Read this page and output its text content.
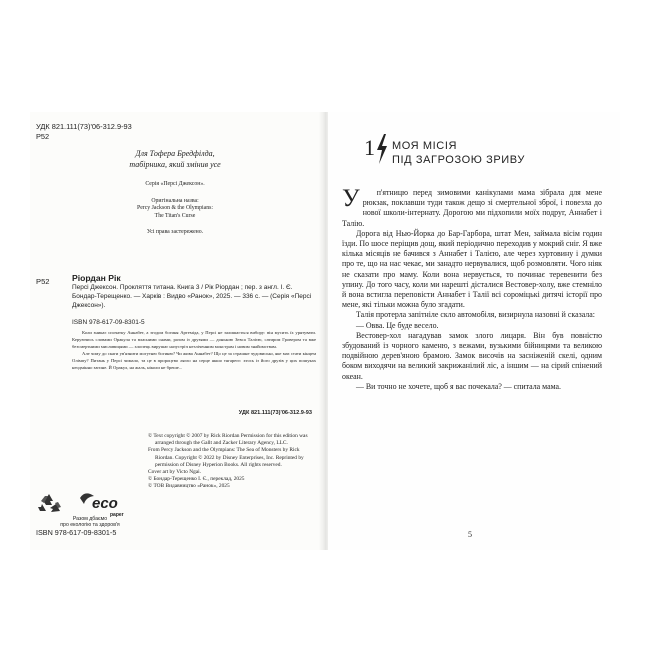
УДК 821.111(73)'06-312.9-93
Р52
Для Тофера Бредфілда,
табірника, який змінив усе
Серія «Персі Джексон».
Оригінальна назва:
Percy Jackson & the Olympians:
The Titan's Curse
Усі права застережено.
Р52	Ріордан Рік
Персі Джексон. Прокляття титана. Книга 3 / Рік Ріордан ; пер. з англ. І. Є. Бондар-Терещенко. — Харків : Видво «Ранок», 2025. — 336 с. — (Серія «Персі Джексон»).
ISBN 978-617-09-8301-5

Коли зникає спочатку Аннабет, а згодом богиня Артеміда, у Персі не залишається вибору: він мусить їх урятувати. Керуючись словами Оракула та власними снами, разом із друзями — донькою Зевса Талією, сатиром Гровером та вже безсмертними мисливицями — хлопець вирушає назустріч незліченним монстрам і новим знайомствам.

Але чому до скаги ув'язнити могутню богиню? Чи жива Аннабет? Що це за страшне чудовисько, яке має стати кінцем Олімпу? Питань у Персі чимало, та це в пророцтво лягло на серце якшо тягареєє: хтось із його друзів у цих пошуках неодмінно загине. Й Оракул, на жаль, ніколи не бреше...

УДК 821.111(73)'06-312.9-93
© Text copyright © 2007 by Rick Riordan Permission for this edition was arranged through the Gallt and Zacker Literary Agency, LLC.
From Percy Jackson and the Olympians: The Sea of Monsters by Rick Riordan. Copyright © 2022 by Disney Enterprises, Inc. Reprinted by permission of Disney Hyperion Books. All rights reserved.
Cover art by Victo Ngai.
© Бондар-Терещенко І. Є., переклад, 2025
© ТОВ Видавництво «Ранок», 2025
eco
paper
Разом дбаємо
про екологію та здоров'я
ISBN 978-617-09-8301-5
1 МОЯ МІСІЯ
ПІД ЗАГРОЗОЮ ЗРИВУ

У п'ятницю перед зимовими канікулами мама зібрала для мене рюкзак, поклавши туди також дещо зі смертельної зброї, і повезла до нової школи-інтернату. Дорогою ми підхопили моїх подруг, Аннабет і Талію.

Дорога від Нью-Йорка до Бар-Гарбора, штат Мен, займала вісім годин їзди. По шосе періщив дощ, який періодично переходив у мокрий сніг. Я вже кілька місяців не бачився з Аннабет і Талією, але через хуртовину і думки про те, що на нас чекає, ми занадто нервувалися, щоб розмовляти. Чого ніяк не сказати про маму. Коли вона нервується, то починає теревенити без упину. До того часу, коли ми нарешті дісталися Вестовер-холу, вже стемніло й вона встигла переповісти Аннабет і Талії всі сороміцькі дитячі історії про мене, які тільки можна було згадати.

Талія протерла запітніле скло автомобіля, визирнула назовні й сказала:

— Овва. Це буде весело.

Вестовер-хол нагадував замок злого лицаря. Він був повністю збудований із чорного каменю, з вежами, вузькими бійницями та великою подвійною дерев'яною брамою. Замок височів на засніженій скелі, одним боком виходячи на великий закрижанілий ліс, а іншим — на сірий спінений океан.

— Ви точно не хочете, щоб я вас почекала? — спитала мама.

5
